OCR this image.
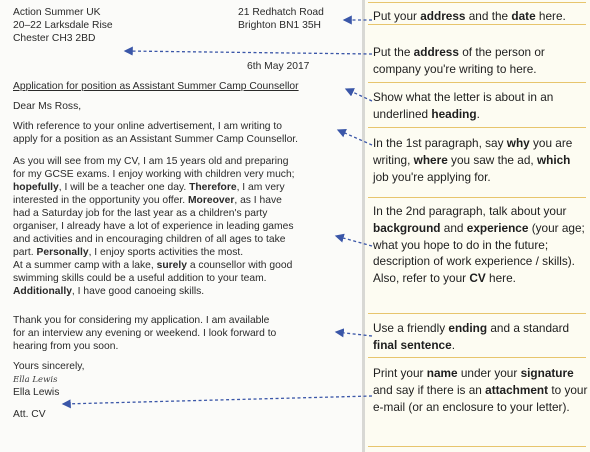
Action Summer UK
20–22 Larksdale Rise
Chester CH3 2BD
21 Redhatch Road
Brighton BN1 35H
6th May 2017
Application for position as Assistant Summer Camp Counsellor
Dear Ms Ross,
With reference to your online advertisement, I am writing to
apply for a position as an Assistant Summer Camp Counsellor.
As you will see from my CV, I am 15 years old and preparing
for my GCSE exams. I enjoy working with children very much;
hopefully, I will be a teacher one day. Therefore, I am very
interested in the opportunity you offer. Moreover, as I have
had a Saturday job for the last year as a children's party
organiser, I already have a lot of experience in leading games
and activities and in encouraging children of all ages to take
part. Personally, I enjoy sports activities the most.
At a summer camp with a lake, surely a counsellor with good
swimming skills could be a useful addition to your team.
Additionally, I have good canoeing skills.
Thank you for considering my application. I am available
for an interview any evening or weekend. I look forward to
hearing from you soon.
Yours sincerely,
Ella Lewis
Ella Lewis
Att. CV
Put your address and the date here.
Put the address of the person or company you're writing to here.
Show what the letter is about in an underlined heading.
In the 1st paragraph, say why you are writing, where you saw the ad, which job you're applying for.
In the 2nd paragraph, talk about your background and experience (your age; what you hope to do in the future; description of work experience / skills). Also, refer to your CV here.
Use a friendly ending and a standard final sentence.
Print your name under your signature and say if there is an attachment to your e-mail (or an enclosure to your letter).
